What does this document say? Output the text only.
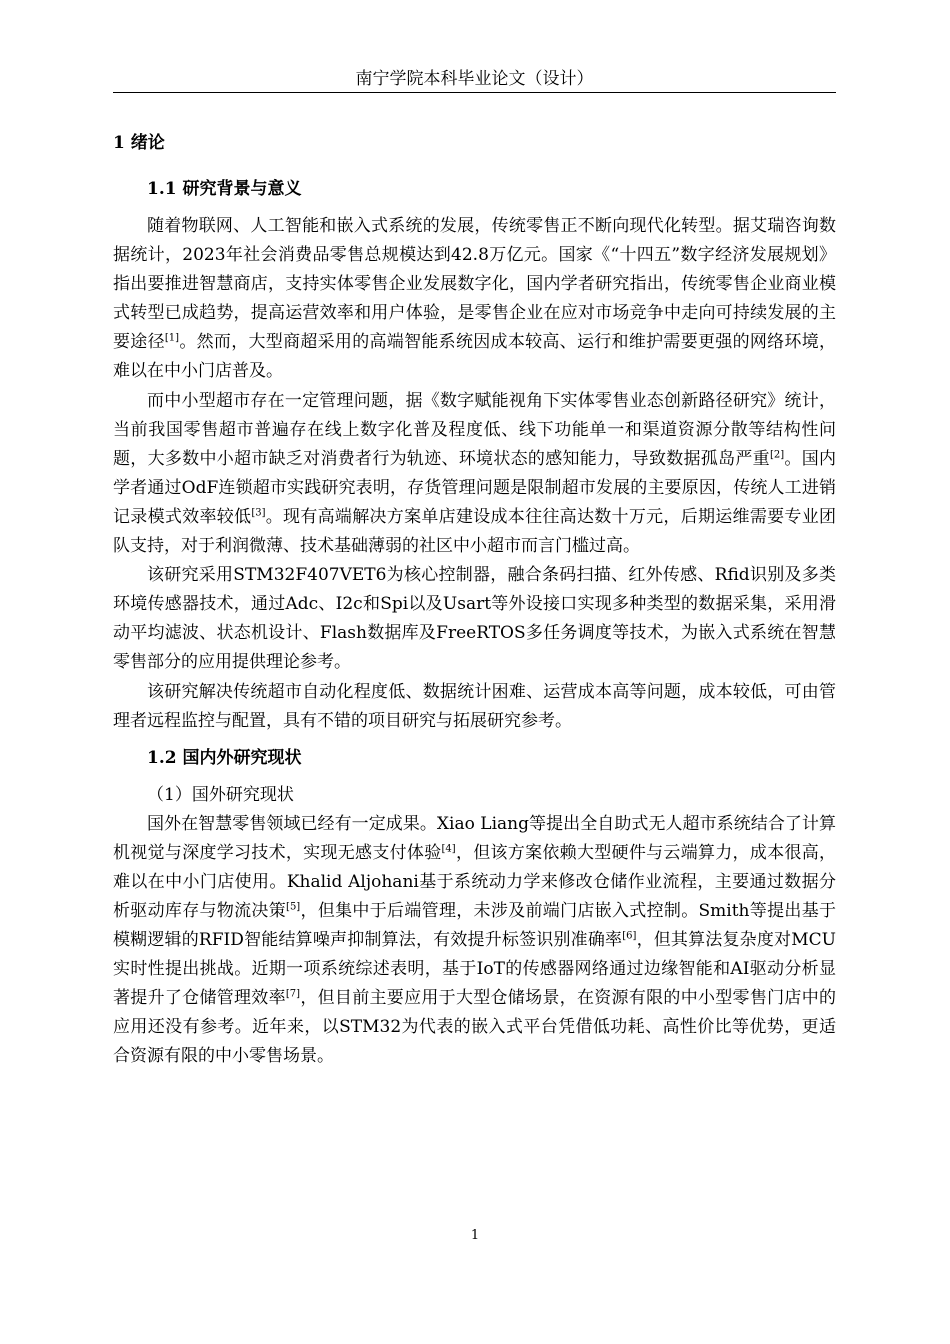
南宁学院本科毕业论文（设计）
1 绪论
1.1 研究背景与意义

随着物联网、人工智能和嵌入式系统的发展，传统零售正不断向现代化转型。据艾瑞咨询数据统计，2023年社会消费品零售总规模达到42.8万亿元。国家《“十四五”数字经济发展规划》指出要推进智慧商店，支持实体零售企业发展数字化，国内学者研究指出，传统零售企业商业模式转型已成趋势，提高运营效率和用户体验，是零售企业在应对市场竞争中走向可持续发展的主要途径[1]。然而，大型商超采用的高端智能系统因成本较高、运行和维护需要更强的网络环境，难以在中小门店普及。

而中小型超市存在一定管理问题，据《数字赋能视角下实体零售业态创新路径研究》统计，当前我国零售超市普遍存在线上数字化普及程度低、线下功能单一和渠道资源分散等结构性问题，大多数中小超市缺乏对消费者行为轨迹、环境状态的感知能力，导致数据孤岛严重[2]。国内学者通过OdF连锁超市实践研究表明，存货管理问题是限制超市发展的主要原因，传统人工进销记录模式效率较低[3]。现有高端解决方案单店建设成本往往高达数十万元，后期运维需要专业团队支持，对于利润微薄、技术基础薄弱的社区中小超市而言门槛过高。

该研究采用STM32F407VET6为核心控制器，融合条码扫描、红外传感、Rfid识别及多类环境传感器技术，通过Adc、I2c和Spi以及Usart等外设接口实现多种类型的数据采集，采用滑动平均滤波、状态机设计、Flash数据库及FreeRTOS多任务调度等技术，为嵌入式系统在智慧零售部分的应用提供理论参考。

该研究解决传统超市自动化程度低、数据统计困难、运营成本高等问题，成本较低，可由管理者远程监控与配置，具有不错的项目研究与拓展研究参考。

1.2 国内外研究现状
（1）国外研究现状

国外在智慧零售领域已经有一定成果。Xiao Liang等提出全自助式无人超市系统结合了计算机视觉与深度学习技术，实现无感支付体验[4]，但该方案依赖大型硬件与云端算力，成本很高，难以在中小门店使用。Khalid Aljohani基于系统动力学来修改仓储作业流程，主要通过数据分析驱动库存与物流决策[5]，但集中于后端管理，未涉及前端门店嵌入式控制。Smith等提出基于模糊逻辑的RFID智能结算噪声抑制算法，有效提升标签识别准确率[6]，但其算法复杂度对MCU实时性提出挑战。近期一项系统综述表明，基于IoT的传感器网络通过边缘智能和AI驱动分析显著提升了仓储管理效率[7]，但目前主要应用于大型仓储场景，在资源有限的中小型零售门店中的应用还没有参考。近年来，以STM32为代表的嵌入式平台凭借低功耗、高性价比等优势，更适合资源有限的中小零售场景。

1
